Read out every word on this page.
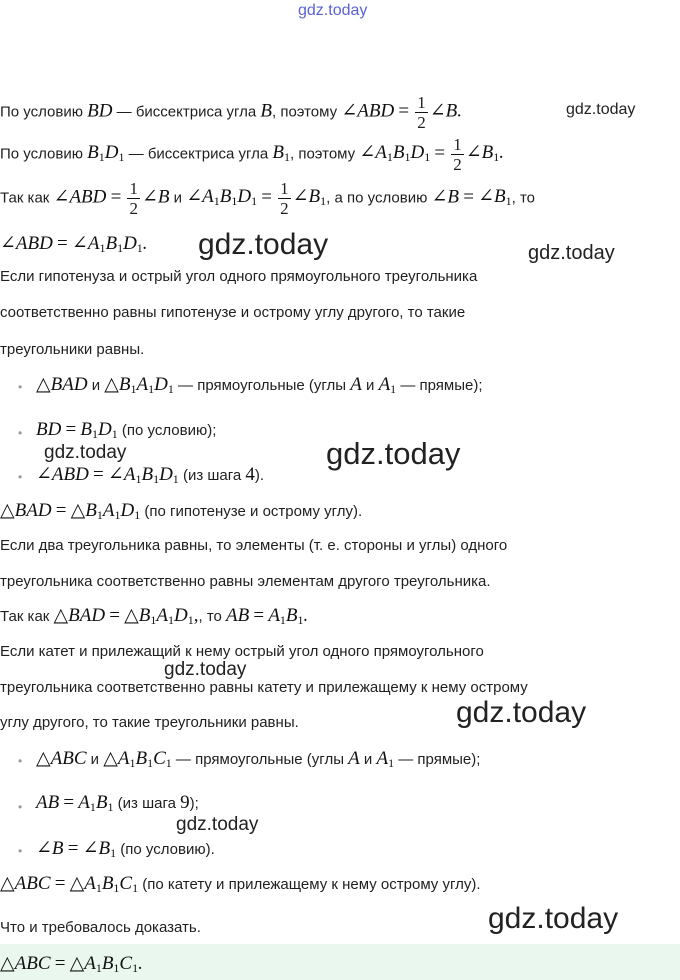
gdz.today
По условию BD — биссектриса угла B, поэтому ∠ABD = $\frac{1}{2}$ ∠B.	gdz.today
По условию $B_1D_1$ — биссектриса угла $B_1$, поэтому $\angle A_1B_1D_1 = \frac{1}{2}$ $\angle B_1$.
Так как ∠ABD = $\frac{1}{2}$ ∠B и $\angle A_1B_1D_1 = \frac{1}{2}$ $\angle B_1$, а по условию ∠B = $\angle B_1$, то
∠ABD = $\angle A_1B_1D_1$. gdz.today	gdz.today
Если гипотенуза и острый угол одного прямоугольного треугольника
соответственно равны гипотенузе и острому углу другого, то такие
треугольники равны.
• △BAD и $\triangle B_1A_1D_1$ — прямоугольные (углы A и $A_1$ — прямые);
• BD = $B_1D_1$ (по условию);
gdz.today	gdz.today
• ∠ABD = $\angle A_1B_1D_1$ (из шага 4).
△BAD = $\triangle B_1A_1D_1$ (по гипотенузе и острому углу).
Если два треугольника равны, то элементы (т. е. стороны и углы) одного
треугольника соответственно равны элементам другого треугольника.
Так как △BAD = $\triangle B_1A_1D_1$,, то AB = $A_1B_1$.
Если катет и прилежащий к нему острый угол одного прямоугольного
gdz.today
треугольника соответственно равны катету и прилежащему к нему острому
углу другого, то такие треугольники равны.	gdz.today
• △ABC и $\triangle A_1B_1C_1$ — прямоугольные (углы A и $A_1$ — прямые);
• AB = $A_1B_1$ (из шага 9);
gdz.today
• ∠B = $\angle B_1$ (по условию).
△ABC = $\triangle A_1B_1C_1$ (по катету и прилежащему к нему острому углу).
Что и требовалось доказать.	gdz.today
△ABC = $\triangle A_1B_1C_1$.
